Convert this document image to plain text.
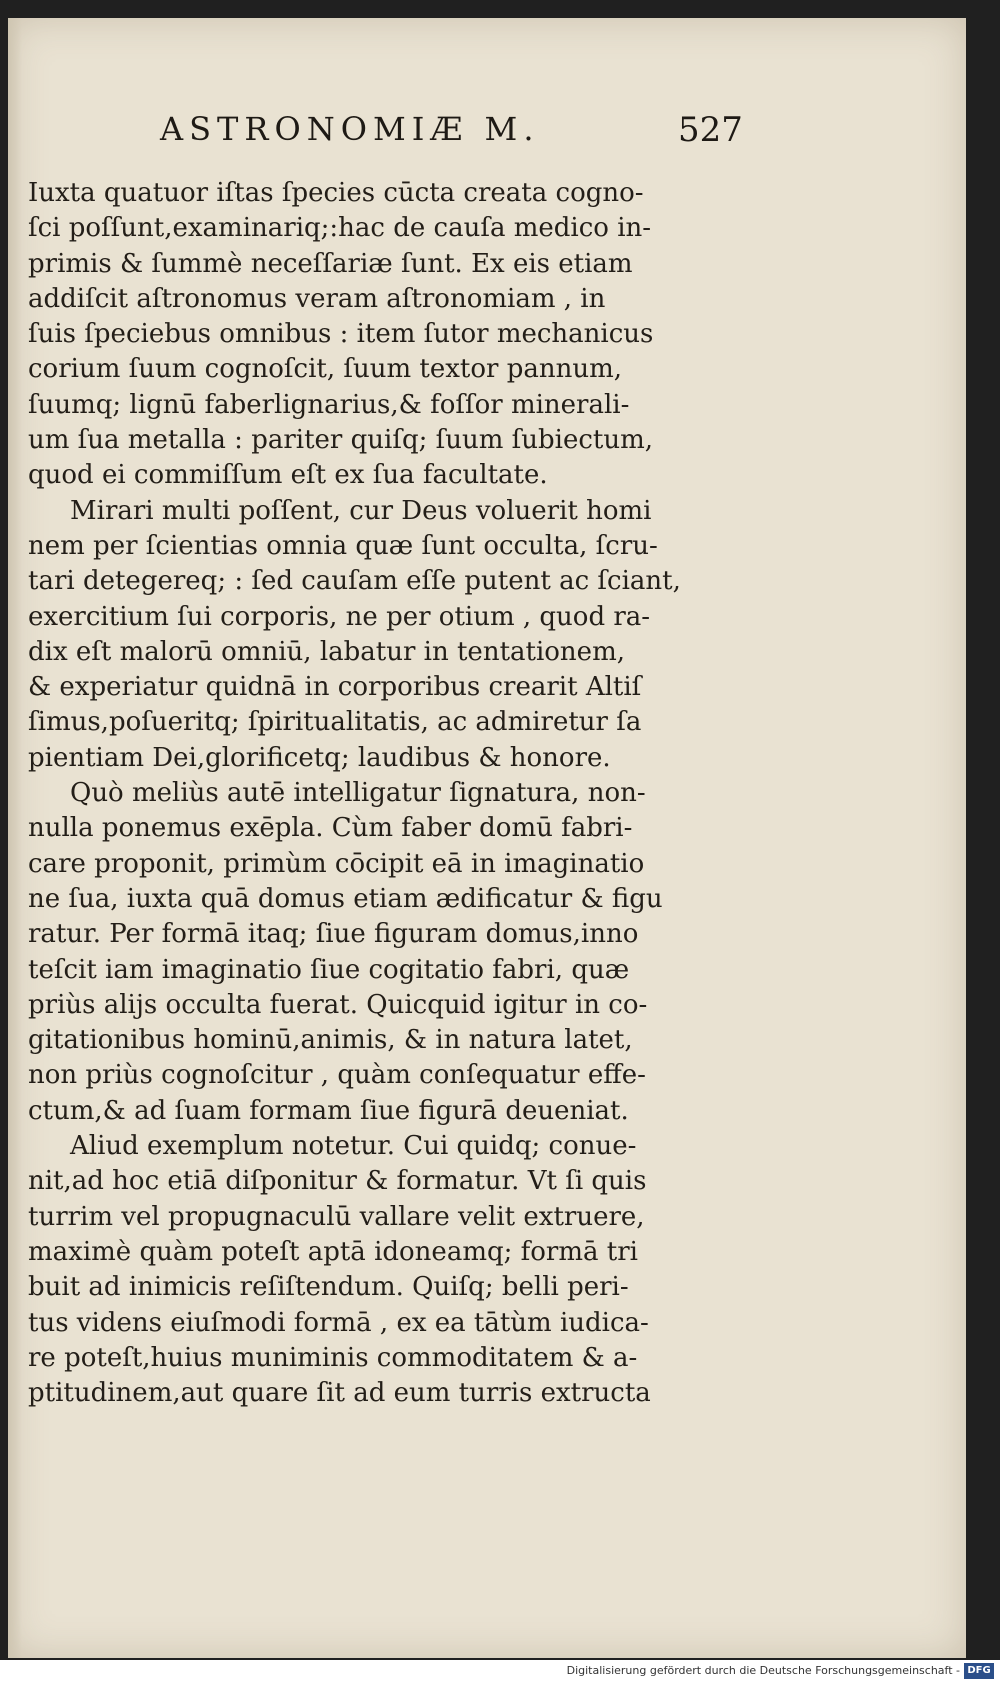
ASTRONOMIÆ M.	527
Iuxta quatuor iſtas ſpecies cūcta creata cogno-
ſci poſſunt,examinariq;:hac de cauſa medico in-
primis & ſummè neceſſariæ ſunt. Ex eis etiam
addiſcit aſtronomus veram aſtronomiam , in
ſuis ſpeciebus omnibus : item ſutor mechanicus
corium ſuum cognoſcit, ſuum textor pannum,
ſuumq; lignū faberlignarius,& foſſor minerali-
um ſua metalla : pariter quiſq; ſuum ſubiectum,
quod ei commiſſum eſt ex ſua facultate.
Mirari multi poſſent, cur Deus voluerit homi
nem per ſcientias omnia quæ ſunt occulta, ſcru-
tari detegereq; : ſed cauſam eſſe putent ac ſciant,
exercitium ſui corporis, ne per otium , quod ra-
dix eſt malorū omniū, labatur in tentationem,
& experiatur quidnā in corporibus crearit Altiſ
ſimus,poſueritq; ſpiritualitatis, ac admiretur ſa
pientiam Dei,glorificetq; laudibus & honore.
Quò meliùs autē intelligatur ſignatura, non-
nulla ponemus exēpla. Cùm faber domū fabri-
care proponit, primùm cōcipit eā in imaginatio
ne ſua, iuxta quā domus etiam ædificatur & figu
ratur. Per formā itaq; ſiue figuram domus,inno
teſcit iam imaginatio ſiue cogitatio fabri, quæ
priùs alijs occulta fuerat. Quicquid igitur in co-
gitationibus hominū,animis, & in natura latet,
non priùs cognoſcitur , quàm conſequatur effe-
ctum,& ad ſuam formam ſiue figurā deueniat.
Aliud exemplum notetur. Cui quidq; conue-
nit,ad hoc etiā diſponitur & formatur. Vt ſi quis
turrim vel propugnaculū vallare velit extruere,
maximè quàm poteſt aptā idoneamq; formā tri
buit ad inimicis reſiſtendum. Quiſq; belli peri-
tus videns eiuſmodi formā , ex ea tātùm iudica-
re poteſt,huius muniminis commoditatem & a-
ptitudinem,aut quare ſit ad eum turris extructa
Digitalisierung gefördert durch die Deutsche Forschungsgemeinschaft - DFG
